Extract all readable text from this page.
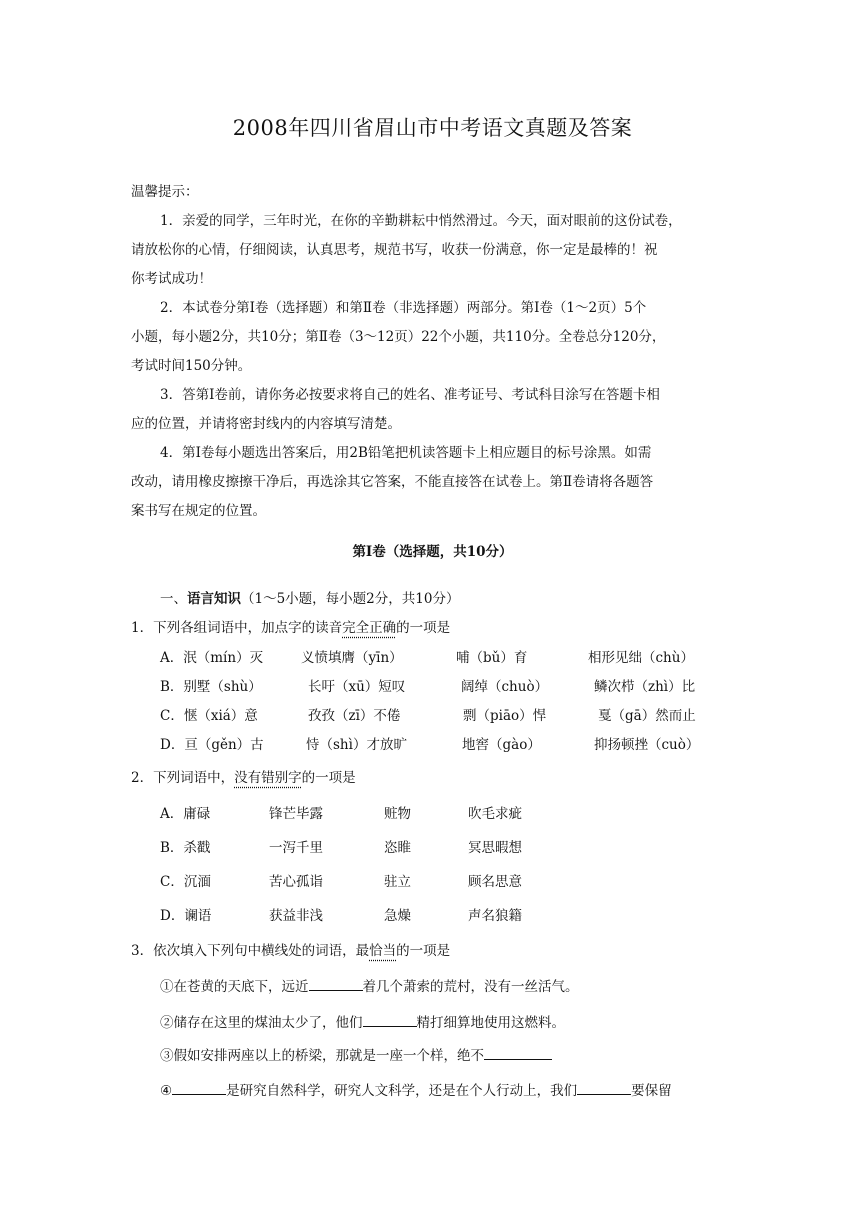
2008年四川省眉山市中考语文真题及答案
温馨提示：
1．亲爱的同学，三年时光，在你的辛勤耕耘中悄然滑过。今天，面对眼前的这份试卷，
请放松你的心情，仔细阅读，认真思考，规范书写，收获一份满意，你一定是最棒的！祝
你考试成功！
2．本试卷分第Ⅰ卷（选择题）和第Ⅱ卷（非选择题）两部分。第Ⅰ卷（1～2页）5个
小题，每小题2分，共10分；第Ⅱ卷（3～12页）22个小题，共110分。全卷总分120分，
考试时间150分钟。
3．答第Ⅰ卷前，请你务必按要求将自己的姓名、准考证号、考试科目涂写在答题卡相
应的位置，并请将密封线内的内容填写清楚。
4．第Ⅰ卷每小题选出答案后，用2B铅笔把机读答题卡上相应题目的标号涂黑。如需
改动，请用橡皮擦擦干净后，再选涂其它答案，不能直接答在试卷上。第Ⅱ卷请将各题答
案书写在规定的位置。
第Ⅰ卷（选择题，共10分）
一、语言知识（1～5小题，每小题2分，共10分）
1．下列各组词语中，加点字的读音完全正确的一项是
A．泯（mín）灭	义愤填膺（yīn）	哺（bǔ）育	相形见绌（chù）
B．别墅（shù）	长吁（xū）短叹	阔绰（chuò）	鳞次栉（zhì）比
C．惬（xiá）意	孜孜（zī）不倦	剽（piāo）悍	戛（gā）然而止
D．亘（gěn）古	恃（shì）才放旷	地窖（gào）	抑扬顿挫（cuò）
2．下列词语中，没有错别字的一项是
A．庸碌	锋芒毕露	赃物	吹毛求疵
B．杀戳	一泻千里	恣睢	冥思暇想
C．沉湎	苦心孤诣	驻立	顾名思意
D．谰语	获益非浅	急燥	声名狼籍
3．依次填入下列句中横线处的词语，最恰当的一项是
①在苍黄的天底下，远近	着几个萧索的荒村，没有一丝活气。
②储存在这里的煤油太少了，他们	精打细算地使用这燃料。
③假如安排两座以上的桥梁，那就是一座一个样，绝不
④	是研究自然科学，研究人文科学，还是在个人行动上，我们	要保留
